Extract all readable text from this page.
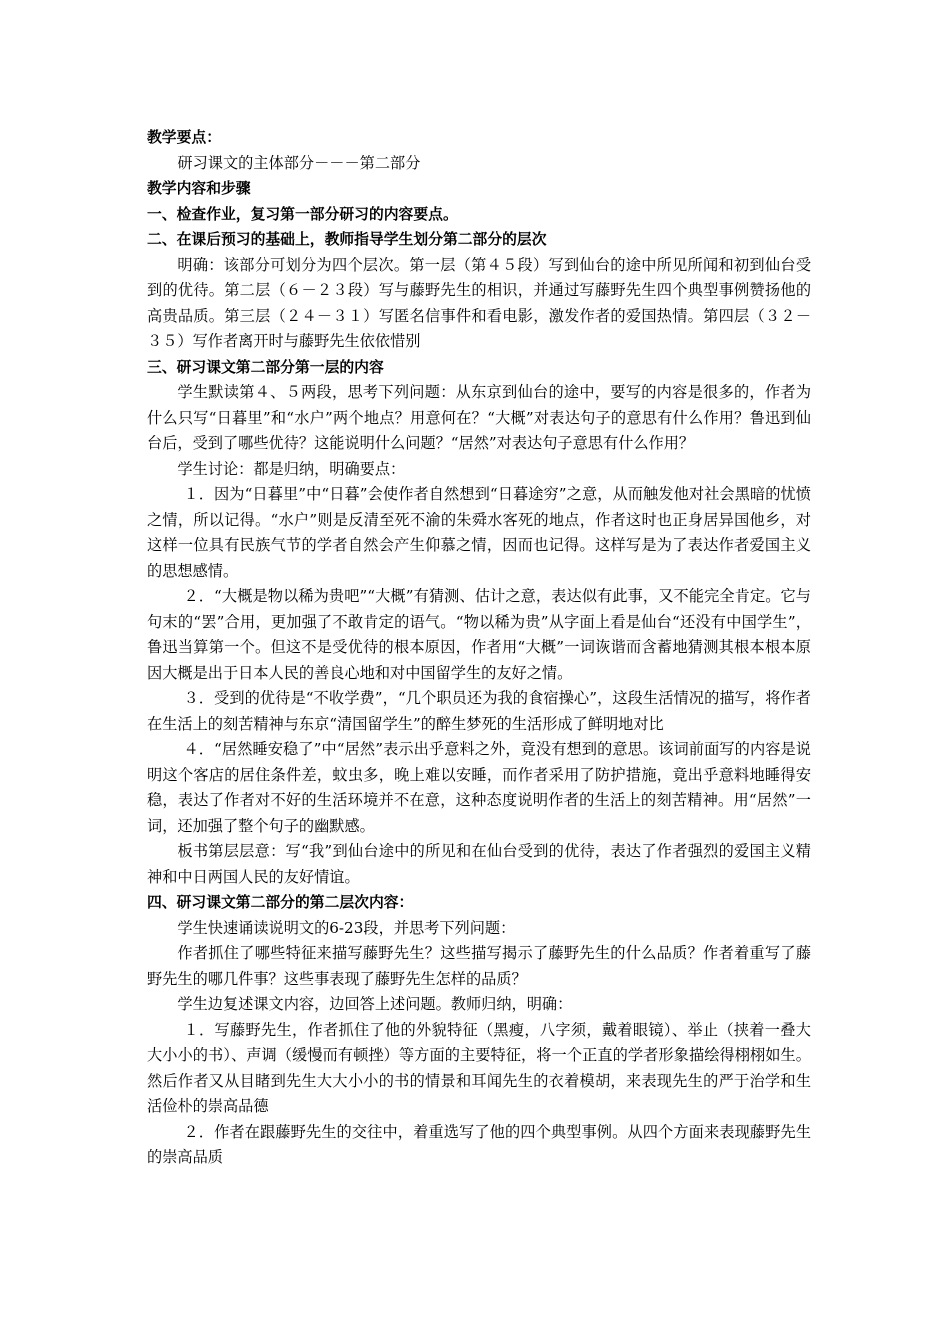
教学要点：

研习课文的主体部分－－－第二部分

教学内容和步骤

一、检查作业，复习第一部分研习的内容要点。

二、在课后预习的基础上，教师指导学生划分第二部分的层次

明确：该部分可划分为四个层次。第一层（第４５段）写到仙台的途中所见所闻和初到仙台受到的优待。第二层（６－２３段）写与藤野先生的相识，并通过写藤野先生四个典型事例赞扬他的高贵品质。第三层（２４－３１）写匿名信事件和看电影，激发作者的爱国热情。第四层（３２－３５）写作者离开时与藤野先生依依惜别

三、研习课文第二部分第一层的内容

学生默读第４、５两段，思考下列问题：从东京到仙台的途中，要写的内容是很多的，作者为什么只写“日暮里”和“水户”两个地点？用意何在？“大概”对表达句子的意思有什么作用？鲁迅到仙台后，受到了哪些优待？这能说明什么问题？“居然”对表达句子意思有什么作用？

学生讨论：都是归纳，明确要点：

１．因为“日暮里”中“日暮”会使作者自然想到“日暮途穷”之意，从而触发他对社会黑暗的忧愤之情，所以记得。“水户”则是反清至死不渝的朱舜水客死的地点，作者这时也正身居异国他乡，对这样一位具有民族气节的学者自然会产生仰慕之情，因而也记得。这样写是为了表达作者爱国主义的思想感情。

２．“大概是物以稀为贵吧”“大概”有猜测、估计之意，表达似有此事，又不能完全肯定。它与句末的“罢”合用，更加强了不敢肯定的语气。“物以稀为贵”从字面上看是仙台“还没有中国学生”，鲁迅当算第一个。但这不是受优待的根本原因，作者用“大概”一词诙谐而含蓄地猜测其根本根本原因大概是出于日本人民的善良心地和对中国留学生的友好之情。

３．受到的优待是“不收学费”，“几个职员还为我的食宿操心”，这段生活情况的描写，将作者在生活上的刻苦精神与东京“清国留学生”的醉生梦死的生活形成了鲜明地对比

４．“居然睡安稳了”中“居然”表示出乎意料之外，竟没有想到的意思。该词前面写的内容是说明这个客店的居住条件差，蚊虫多，晚上难以安睡，而作者采用了防护措施，竟出乎意料地睡得安稳，表达了作者对不好的生活环境并不在意，这种态度说明作者的生活上的刻苦精神。用“居然”一词，还加强了整个句子的幽默感。

板书第层层意：写“我”到仙台途中的所见和在仙台受到的优待，表达了作者强烈的爱国主义精神和中日两国人民的友好情谊。

四、研习课文第二部分的第二层次内容：

学生快速诵读说明文的6-23段，并思考下列问题：

作者抓住了哪些特征来描写藤野先生？这些描写揭示了藤野先生的什么品质？作者着重写了藤野先生的哪几件事？这些事表现了藤野先生怎样的品质？

学生边复述课文内容，边回答上述问题。教师归纳，明确：

１．写藤野先生，作者抓住了他的外貌特征（黑瘦，八字须，戴着眼镜）、举止（挟着一叠大大小小的书）、声调（缓慢而有顿挫）等方面的主要特征，将一个正直的学者形象描绘得栩栩如生。然后作者又从目睹到先生大大小小的书的情景和耳闻先生的衣着模胡，来表现先生的严于治学和生活俭朴的崇高品德

２．作者在跟藤野先生的交往中，着重选写了他的四个典型事例。从四个方面来表现藤野先生的崇高品质
